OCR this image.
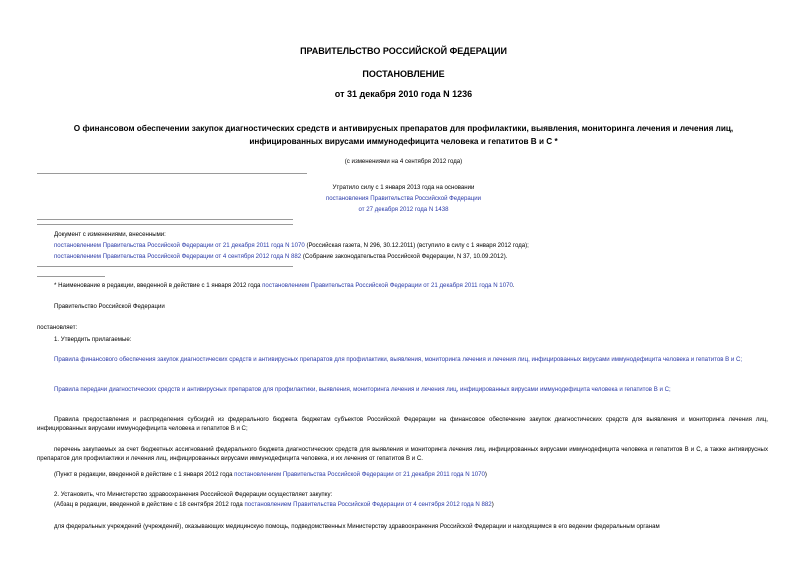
ПРАВИТЕЛЬСТВО РОССИЙСКОЙ ФЕДЕРАЦИИ
ПОСТАНОВЛЕНИЕ
от 31 декабря 2010 года N 1236
О финансовом обеспечении закупок диагностических средств и антивирусных препаратов для профилактики, выявления, мониторинга лечения и лечения лиц,
инфицированных вирусами иммунодефицита человека и гепатитов В и С *
(с изменениями на 4 сентября 2012 года)
Утратило силу с 1 января 2013 года на основании
постановления Правительства Российской Федерации
от 27 декабря 2012 года N 1438
Документ с изменениями, внесенными:
постановлением Правительства Российской Федерации от 21 декабря 2011 года N 1070 (Российская газета, N 296, 30.12.2011) (вступило в силу с 1 января 2012 года);
постановлением Правительства Российской Федерации от 4 сентября 2012 года N 882 (Собрание законодательства Российской Федерации, N 37, 10.09.2012).
* Наименование в редакции, введенной в действие с 1 января 2012 года постановлением Правительства Российской Федерации от 21 декабря 2011 года N 1070.
Правительство Российской Федерации
постановляет:
1. Утвердить прилагаемые:
Правила финансового обеспечения закупок диагностических средств и антивирусных препаратов для профилактики, выявления, мониторинга лечения и лечения лиц, инфицированных вирусами иммунодефицита человека и гепатитов В и С;
Правила передачи диагностических средств и антивирусных препаратов для профилактики, выявления, мониторинга лечения и лечения лиц, инфицированных вирусами иммунодефицита человека и гепатитов В и С;
Правила предоставления и распределения субсидий из федерального бюджета бюджетам субъектов Российской Федерации на финансовое обеспечение закупок диагностических средств для выявления и мониторинга лечения лиц, инфицированных вирусами иммунодефицита человека и гепатитов В и С;
перечень закупаемых за счет бюджетных ассигнований федерального бюджета диагностических средств для выявления и мониторинга лечения лиц, инфицированных вирусами иммунодефицита человека и гепатитов В и С, а также антивирусных препаратов для профилактики и лечения лиц, инфицированных вирусами иммунодефицита человека, и их лечения от гепатитов В и С.
(Пункт в редакции, введенной в действие с 1 января 2012 года постановлением Правительства Российской Федерации от 21 декабря 2011 года N 1070)
2. Установить, что Министерство здравоохранения Российской Федерации осуществляет закупку:
(Абзац в редакции, введенной в действие с 18 сентября 2012 года постановлением Правительства Российской Федерации от 4 сентября 2012 года N 882)
для федеральных учреждений (учреждений), оказывающих медицинскую помощь, подведомственных Министерству здравоохранения Российской Федерации и находящимся в его ведении федеральным органам
